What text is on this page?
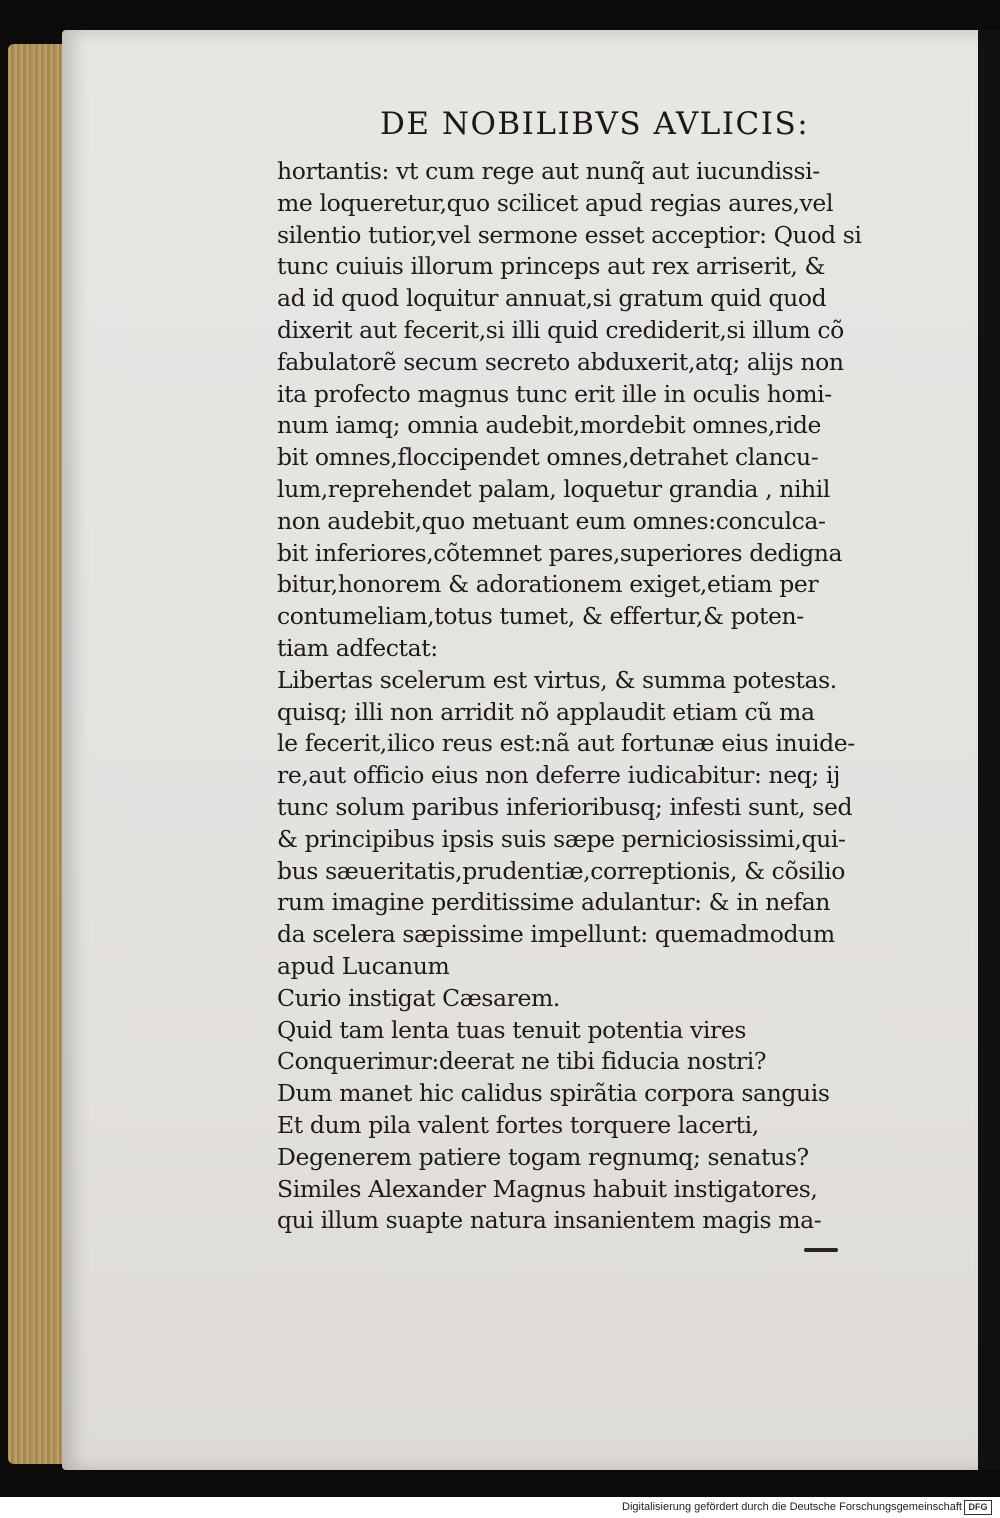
DE NOBILIBVS AVLICIS:
hortantis: vt cum rege aut nunq̃ aut iucundissi-
me loqueretur,quo scilicet apud regias aures,vel
silentio tutior,vel sermone esset acceptior: Quod si
tunc cuiuis illorum princeps aut rex arriserit, &
ad id quod loquitur annuat,si gratum quid quod
dixerit aut fecerit,si illi quid crediderit,si illum cõ
fabulatorẽ secum secreto abduxerit,atq; alijs non
ita profecto magnus tunc erit ille in oculis homi-
num iamq; omnia audebit,mordebit omnes,ride
bit omnes,floccipendet omnes,detrahet clancu-
lum,reprehendet palam, loquetur grandia , nihil
non audebit,quo metuant eum omnes:conculca-
bit inferiores,cõtemnet pares,superiores dedigna
bitur,honorem & adorationem exiget,etiam per
contumeliam,totus tumet, & effertur,& poten-
tiam adfectat:
Libertas scelerum est virtus, & summa potestas.
quisq; illi non arridit nõ applaudit etiam cũ ma
le fecerit,ilico reus est:nã aut fortunæ eius inuide-
re,aut officio eius non deferre iudicabitur: neq; ij
tunc solum paribus inferioribusq; infesti sunt, sed
& principibus ipsis suis sæpe perniciosissimi,qui-
bus sæueritatis,prudentiæ,correptionis, & cõsilio
rum imagine perditissime adulantur: & in nefan
da scelera sæpissime impellunt: quemadmodum
apud Lucanum
Curio instigat Cæsarem.
Quid tam lenta tuas tenuit potentia vires
Conquerimur:deerat ne tibi fiducia nostri?
Dum manet hic calidus spirãtia corpora sanguis
Et dum pila valent fortes torquere lacerti,
Degenerem patiere togam regnumq; senatus?
Similes Alexander Magnus habuit instigatores,
qui illum suapte natura insanientem magis ma-
Digitalisierung gefördert durch die Deutsche Forschungsgemeinschaft DFG
